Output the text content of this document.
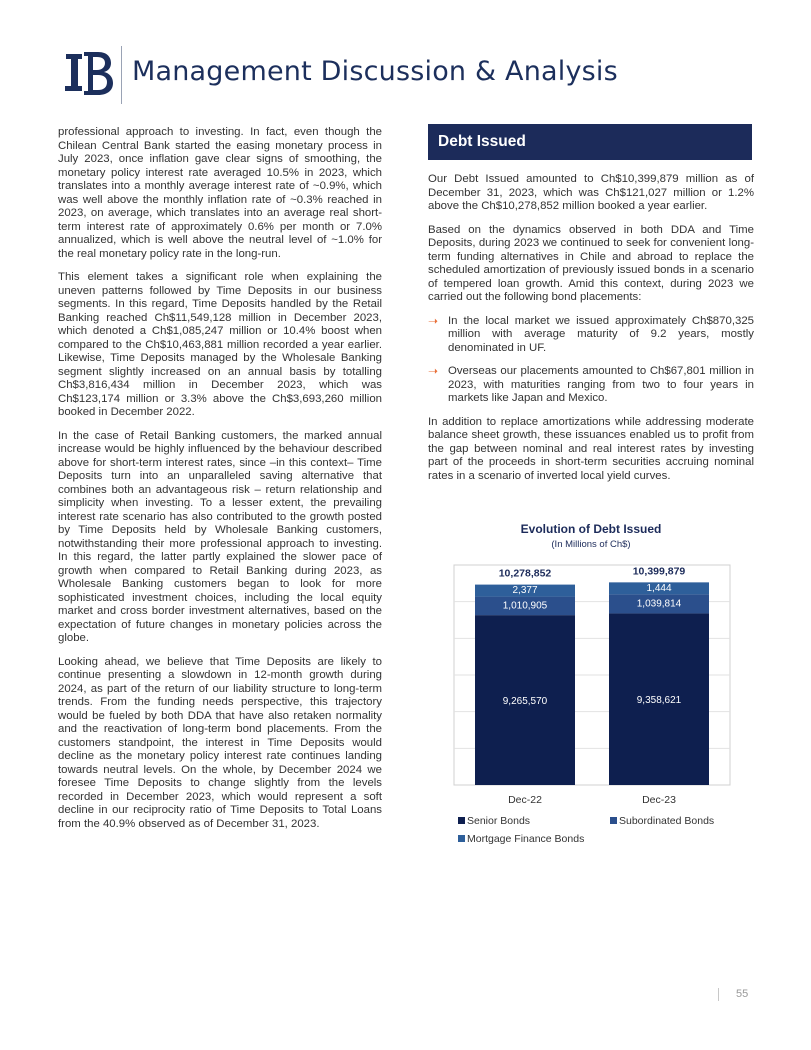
Management Discussion & Analysis

professional approach to investing. In fact, even though the Chilean Central Bank started the easing monetary process in July 2023, once inflation gave clear signs of smoothing, the monetary policy interest rate averaged 10.5% in 2023, which translates into a monthly average interest rate of ~0.9%, which was well above the monthly inflation rate of ~0.3% reached in 2023, on average, which translates into an average real short-term interest rate of approximately 0.6% per month or 7.0% annualized, which is well above the neutral level of ~1.0% for the real monetary policy rate in the long-run.

This element takes a significant role when explaining the uneven patterns followed by Time Deposits in our business segments. In this regard, Time Deposits handled by the Retail Banking reached Ch$11,549,128 million in December 2023, which denoted a Ch$1,085,247 million or 10.4% boost when compared to the Ch$10,463,881 million recorded a year earlier. Likewise, Time Deposits managed by the Wholesale Banking segment slightly increased on an annual basis by totalling Ch$3,816,434 million in December 2023, which was Ch$123,174 million or 3.3% above the Ch$3,693,260 million booked in December 2022.

In the case of Retail Banking customers, the marked annual increase would be highly influenced by the behaviour described above for short-term interest rates, since –in this context– Time Deposits turn into an unparalleled saving alternative that combines both an advantageous risk – return relationship and simplicity when investing. To a lesser extent, the prevailing interest rate scenario has also contributed to the growth posted by Time Deposits held by Wholesale Banking customers, notwithstanding their more professional approach to investing. In this regard, the latter partly explained the slower pace of growth when compared to Retail Banking during 2023, as Wholesale Banking customers began to look for more sophisticated investment choices, including the local equity market and cross border investment alternatives, based on the expectation of future changes in monetary policies across the globe.

Looking ahead, we believe that Time Deposits are likely to continue presenting a slowdown in 12-month growth during 2024, as part of the return of our liability structure to long-term trends. From the funding needs perspective, this trajectory would be fueled by both DDA that have also retaken normality and the reactivation of long-term bond placements. From the customers standpoint, the interest in Time Deposits would decline as the monetary policy interest rate continues landing towards neutral levels. On the whole, by December 2024 we foresee Time Deposits to change slightly from the levels recorded in December 2023, which would represent a soft decline in our reciprocity ratio of Time Deposits to Total Loans from the 40.9% observed as of December 31, 2023.

Debt Issued

Our Debt Issued amounted to Ch$10,399,879 million as of December 31, 2023, which was Ch$121,027 million or 1.2% above the Ch$10,278,852 million booked a year earlier.

Based on the dynamics observed in both DDA and Time Deposits, during 2023 we continued to seek for convenient long-term funding alternatives in Chile and abroad to replace the scheduled amortization of previously issued bonds in a scenario of tempered loan growth. Amid this context, during 2023 we carried out the following bond placements:

➝ In the local market we issued approximately Ch$870,325 million with average maturity of 9.2 years, mostly denominated in UF.
➝ Overseas our placements amounted to Ch$67,801 million in 2023, with maturities ranging from two to four years in markets like Japan and Mexico.

In addition to replace amortizations while addressing moderate balance sheet growth, these issuances enabled us to profit from the gap between nominal and real interest rates by investing part of the proceeds in short-term securities accruing nominal rates in a scenario of inverted local yield curves.

Evolution of Debt Issued
(In Millions of Ch$)
9,265,570
1,010,905
2,377
10,278,852
Dec-22
9,358,621
1,039,814
1,444
10,399,879
Dec-23
Senior Bonds	Subordinated Bonds
Mortgage Finance Bonds
55
